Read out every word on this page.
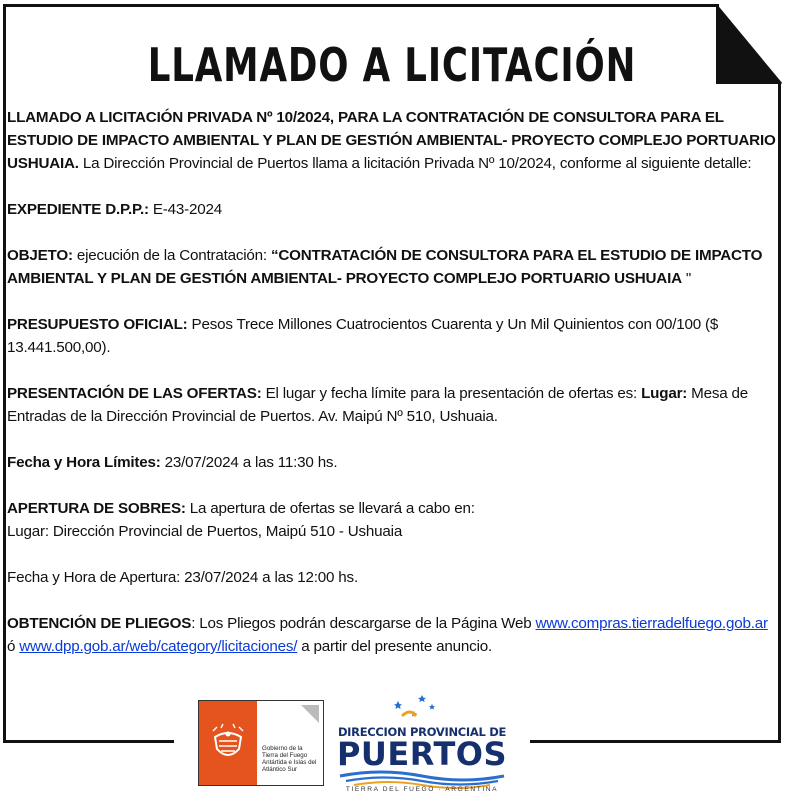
LLAMADO A LICITACIÓN

LLAMADO A LICITACIÓN PRIVADA Nº 10/2024, PARA LA CONTRATACIÓN DE CONSULTORA PARA EL ESTUDIO DE IMPACTO AMBIENTAL Y PLAN DE GESTIÓN AMBIENTAL- PROYECTO COMPLEJO PORTUARIO USHUAIA. La Dirección Provincial de Puertos llama a licitación Privada Nº 10/2024, conforme al siguiente detalle:

EXPEDIENTE D.P.P.: E-43-2024

OBJETO: ejecución de la Contratación: “CONTRATACIÓN DE CONSULTORA PARA EL ESTUDIO DE IMPACTO AMBIENTAL Y PLAN DE GESTIÓN AMBIENTAL- PROYECTO COMPLEJO PORTUARIO USHUAIA "

PRESUPUESTO OFICIAL: Pesos Trece Millones Cuatrocientos Cuarenta y Un Mil Quinientos con 00/100 ($ 13.441.500,00).

PRESENTACIÓN DE LAS OFERTAS: El lugar y fecha límite para la presentación de ofertas es: Lugar: Mesa de Entradas de la Dirección Provincial de Puertos. Av. Maipú Nº 510, Ushuaia.

Fecha y Hora Límites: 23/07/2024 a las 11:30 hs.

APERTURA DE SOBRES: La apertura de ofertas se llevará a cabo en:
Lugar: Dirección Provincial de Puertos, Maipú 510 - Ushuaia

Fecha y Hora de Apertura: 23/07/2024 a las 12:00 hs.

OBTENCIÓN DE PLIEGOS: Los Pliegos podrán descargarse de la Página Web www.compras.tierradelfuego.gob.ar ó www.dpp.gob.ar/web/category/licitaciones/ a partir del presente anuncio.

Gobierno de la Tierra del Fuego Antártida e Islas del Atlántico Sur
DIRECCION PROVINCIAL DE
PUERTOS
TIERRA DEL FUEGO · ARGENTINA
